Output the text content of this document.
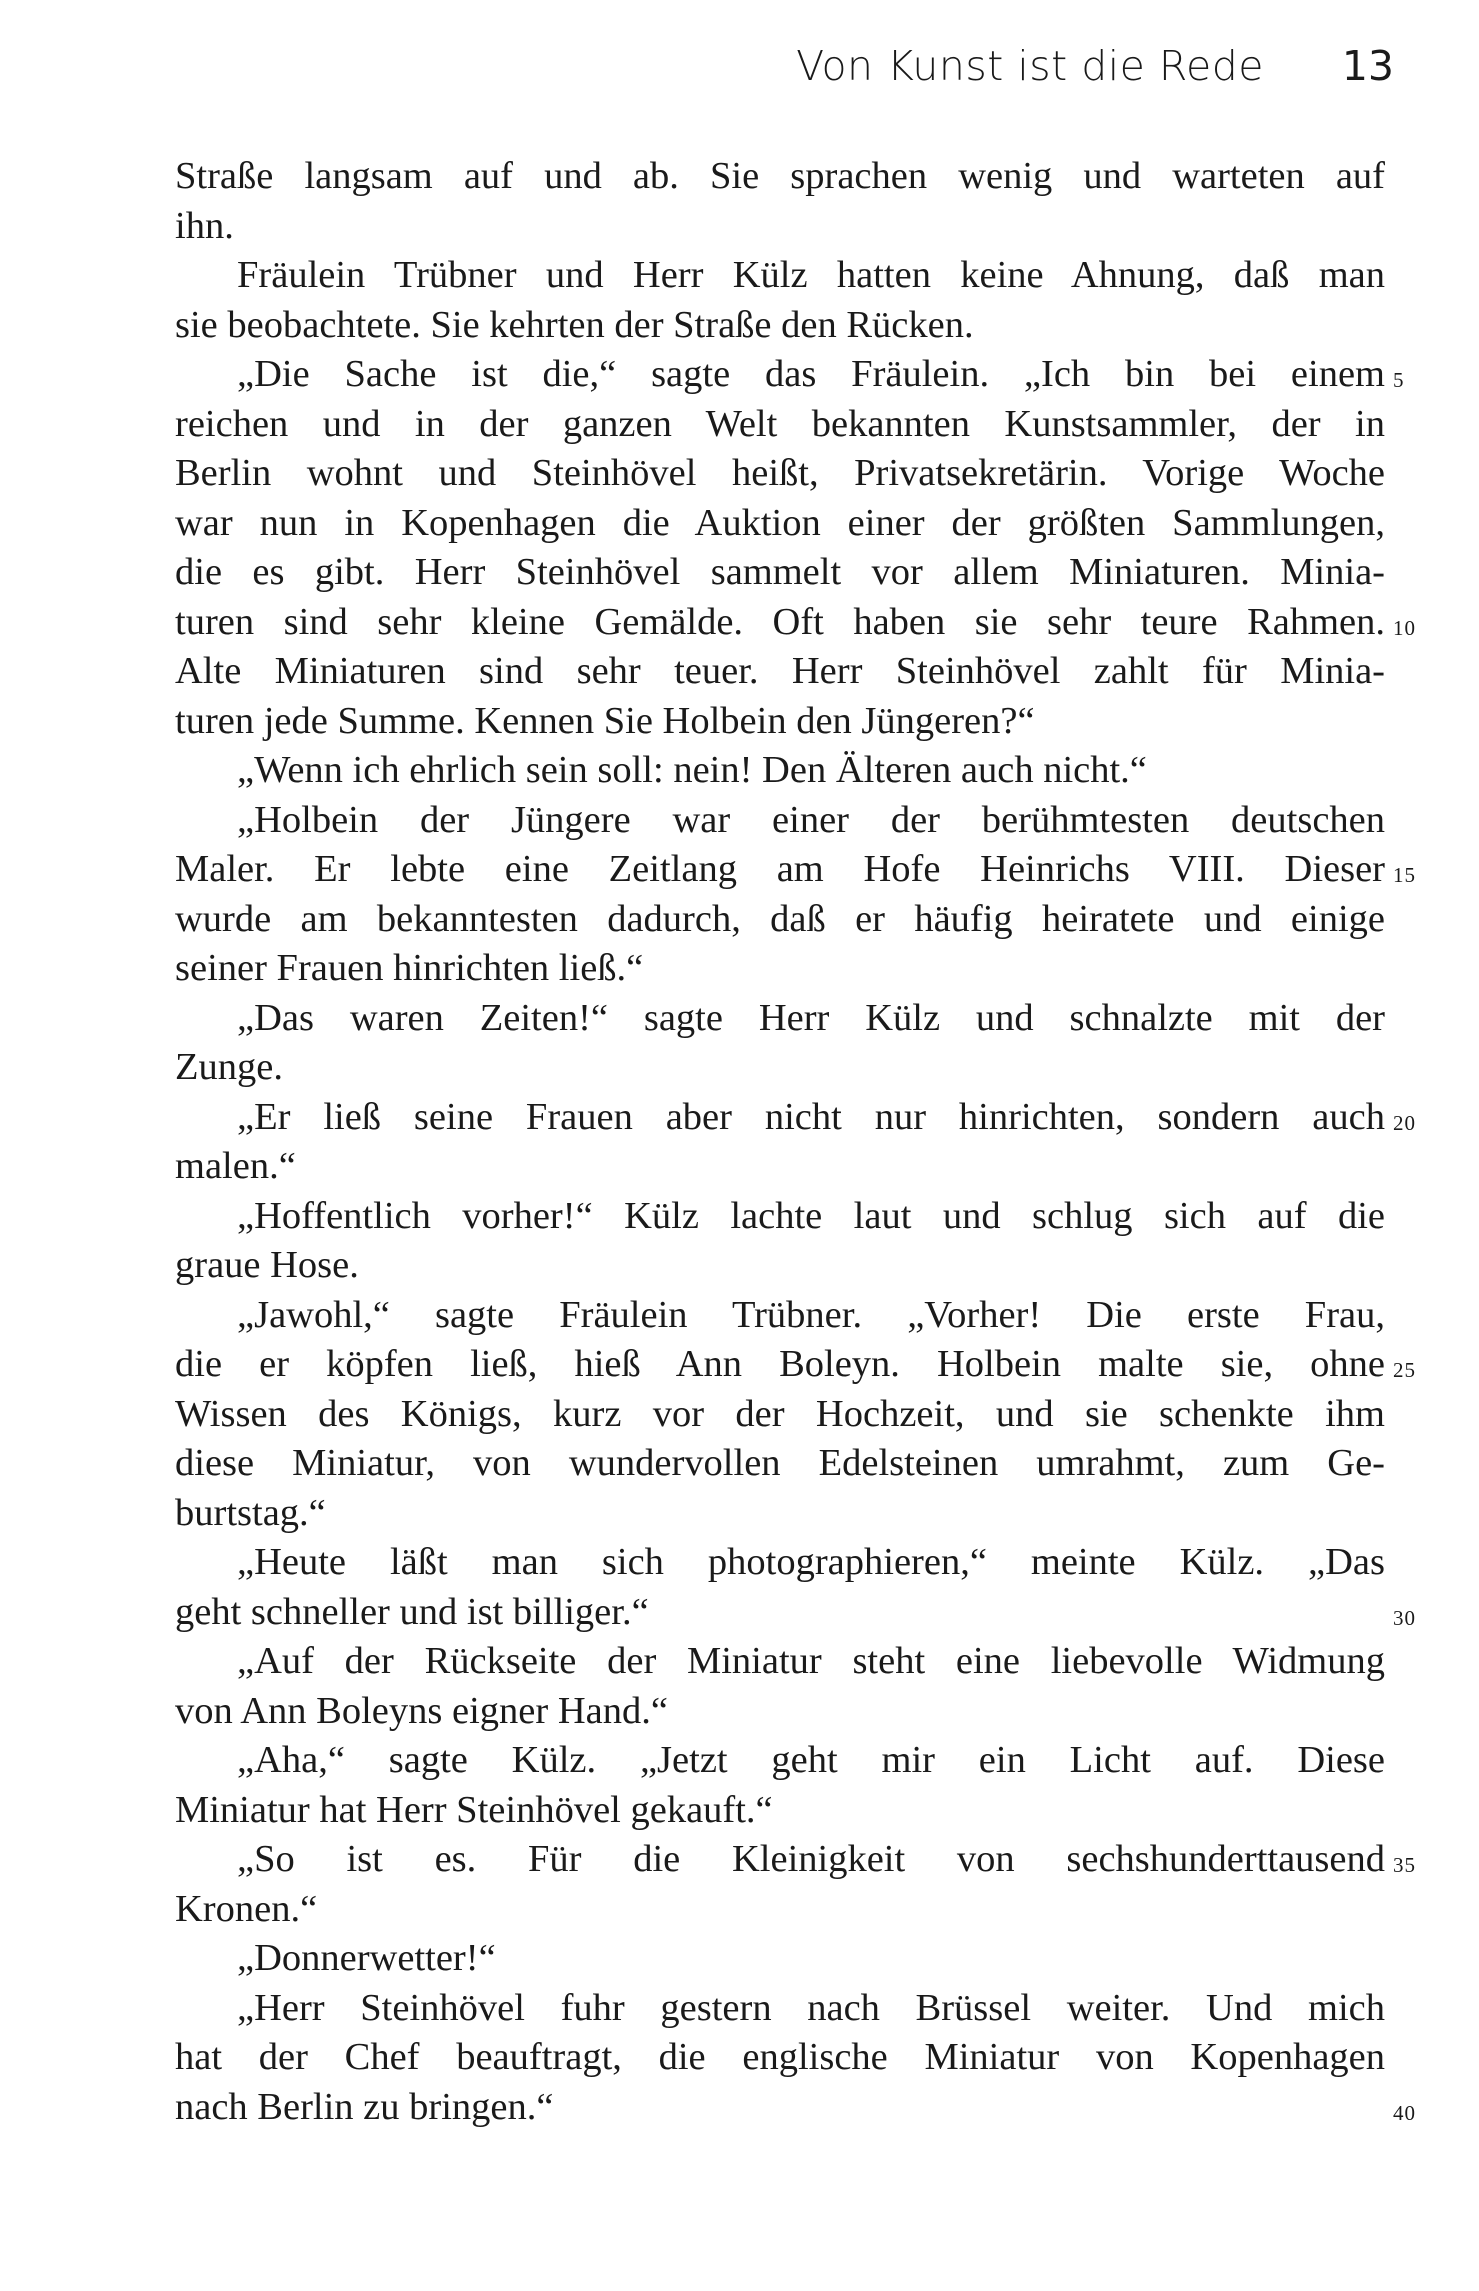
Von Kunst ist die Rede 13
Straße langsam auf und ab. Sie sprachen wenig und warteten auf
ihn.
Fräulein Trübner und Herr Külz hatten keine Ahnung, daß man
sie beobachtete. Sie kehrten der Straße den Rücken.
„Die Sache ist die,“ sagte das Fräulein. „Ich bin bei einem 5
reichen und in der ganzen Welt bekannten Kunstsammler, der in
Berlin wohnt und Steinhövel heißt, Privatsekretärin. Vorige Woche
war nun in Kopenhagen die Auktion einer der größten Sammlungen,
die es gibt. Herr Steinhövel sammelt vor allem Miniaturen. Minia-
turen sind sehr kleine Gemälde. Oft haben sie sehr teure Rahmen. 10
Alte Miniaturen sind sehr teuer. Herr Steinhövel zahlt für Minia-
turen jede Summe. Kennen Sie Holbein den Jüngeren?“
„Wenn ich ehrlich sein soll: nein! Den Älteren auch nicht.“
„Holbein der Jüngere war einer der berühmtesten deutschen
Maler. Er lebte eine Zeitlang am Hofe Heinrichs VIII. Dieser 15
wurde am bekanntesten dadurch, daß er häufig heiratete und einige
seiner Frauen hinrichten ließ.“
„Das waren Zeiten!“ sagte Herr Külz und schnalzte mit der
Zunge.
„Er ließ seine Frauen aber nicht nur hinrichten, sondern auch 20
malen.“
„Hoffentlich vorher!“ Külz lachte laut und schlug sich auf die
graue Hose.
„Jawohl,“ sagte Fräulein Trübner. „Vorher! Die erste Frau,
die er köpfen ließ, hieß Ann Boleyn. Holbein malte sie, ohne 25
Wissen des Königs, kurz vor der Hochzeit, und sie schenkte ihm
diese Miniatur, von wundervollen Edelsteinen umrahmt, zum Ge-
burtstag.“
„Heute läßt man sich photographieren,“ meinte Külz. „Das
geht schneller und ist billiger.“	30
„Auf der Rückseite der Miniatur steht eine liebevolle Widmung
von Ann Boleyns eigner Hand.“
„Aha,“ sagte Külz. „Jetzt geht mir ein Licht auf. Diese
Miniatur hat Herr Steinhövel gekauft.“
„So ist es. Für die Kleinigkeit von sechshunderttausend 35
Kronen.“
„Donnerwetter!“
„Herr Steinhövel fuhr gestern nach Brüssel weiter. Und mich
hat der Chef beauftragt, die englische Miniatur von Kopenhagen
nach Berlin zu bringen.“	40
